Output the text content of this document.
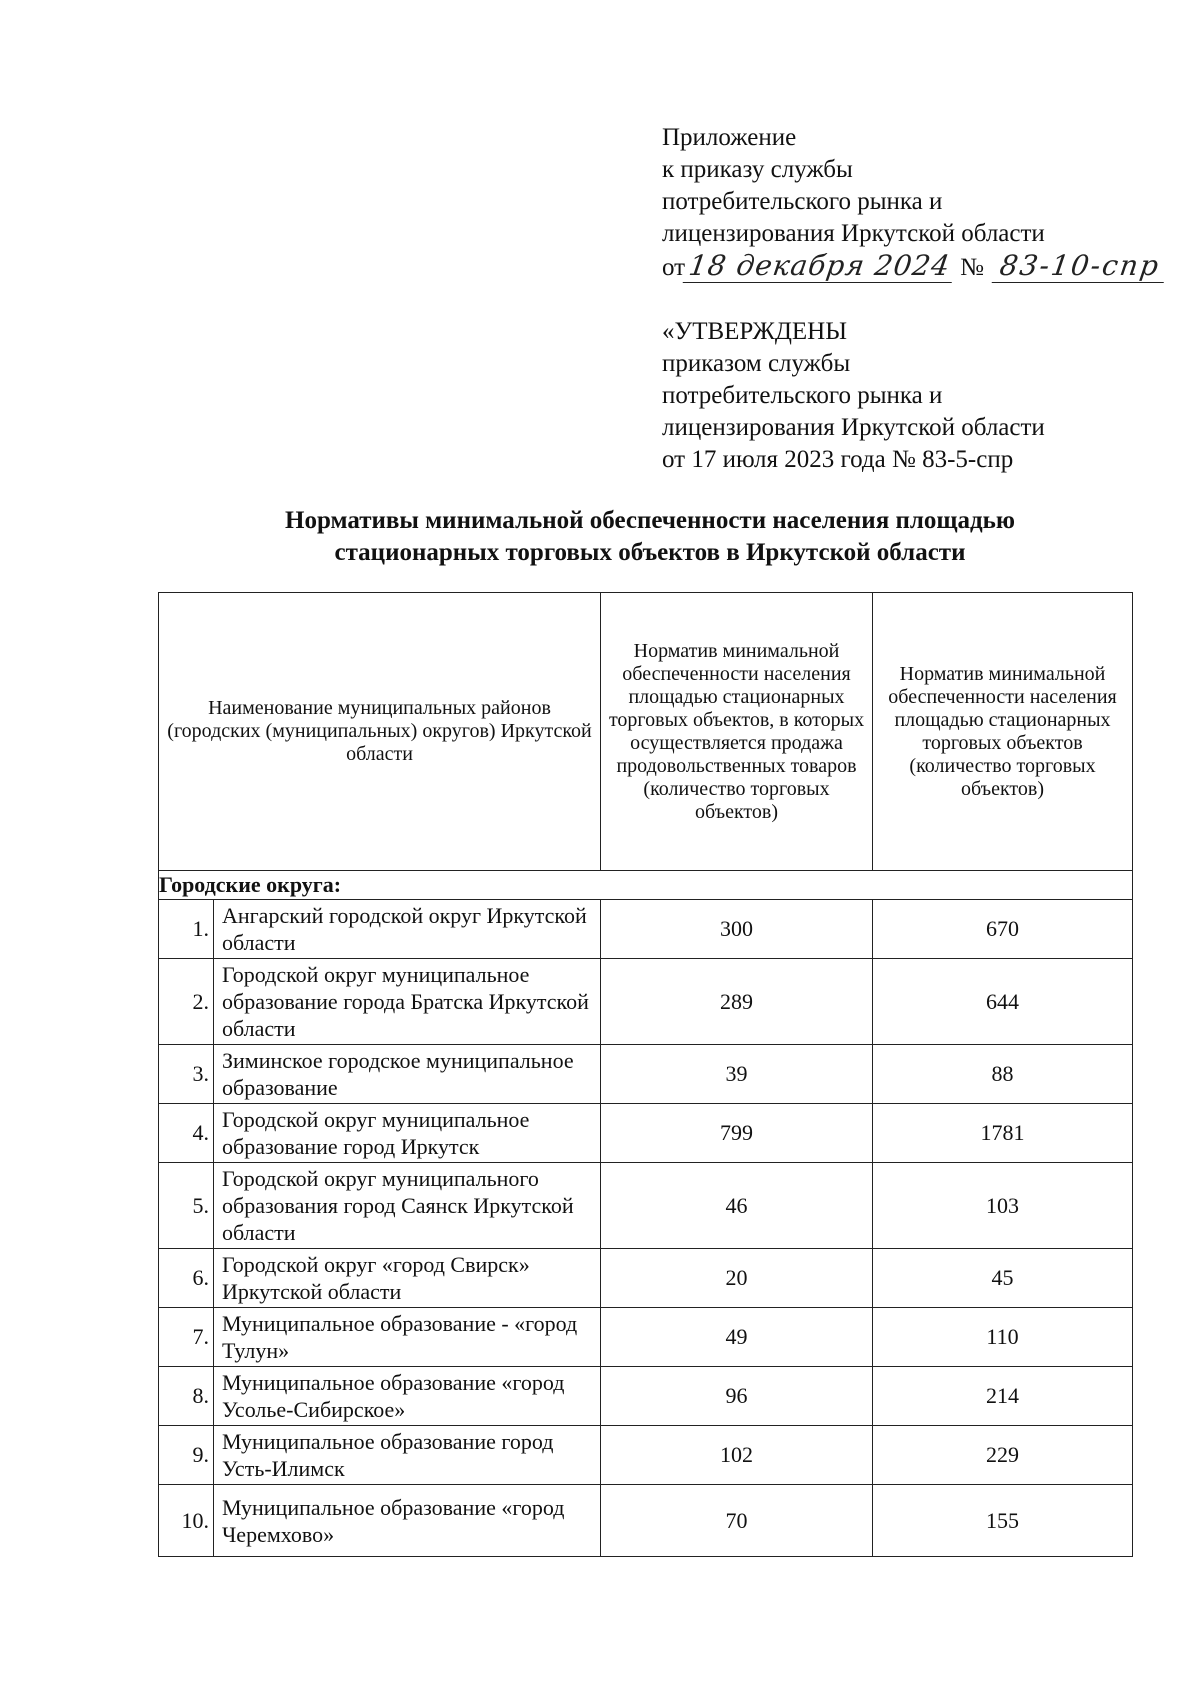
Приложение
к приказу службы
потребительского рынка и
лицензирования Иркутской области
от 18 декабря 2024 № 83-10-спр
«УТВЕРЖДЕНЫ
приказом службы
потребительского рынка и
лицензирования Иркутской области
от 17 июля 2023 года № 83-5-спр
Нормативы минимальной обеспеченности населения площадью
стационарных торговых объектов в Иркутской области
Наименование муниципальных районов (городских (муниципальных) округов) Иркутской области		Норматив минимальной обеспеченности населения площадью стационарных торговых объектов, в которых осуществляется продажа продовольственных товаров (количество торговых объектов)	Норматив минимальной обеспеченности населения площадью стационарных торговых объектов (количество торговых объектов)
Городские округа:			
1.	Ангарский городской округ Иркутской области	300	670
2.	Городской округ муниципальное образование города Братска Иркутской области	289	644
3.	Зиминское городское муниципальное образование	39	88
4.	Городской округ муниципальное образование город Иркутск	799	1781
5.	Городской округ муниципального образования город Саянск Иркутской области	46	103
6.	Городской округ «город Свирск» Иркутской области	20	45
7.	Муниципальное образование - «город Тулун»	49	110
8.	Муниципальное образование «город Усолье-Сибирское»	96	214
9.	Муниципальное образование город Усть-Илимск	102	229
10.	Муниципальное образование «город Черемхово»	70	155
